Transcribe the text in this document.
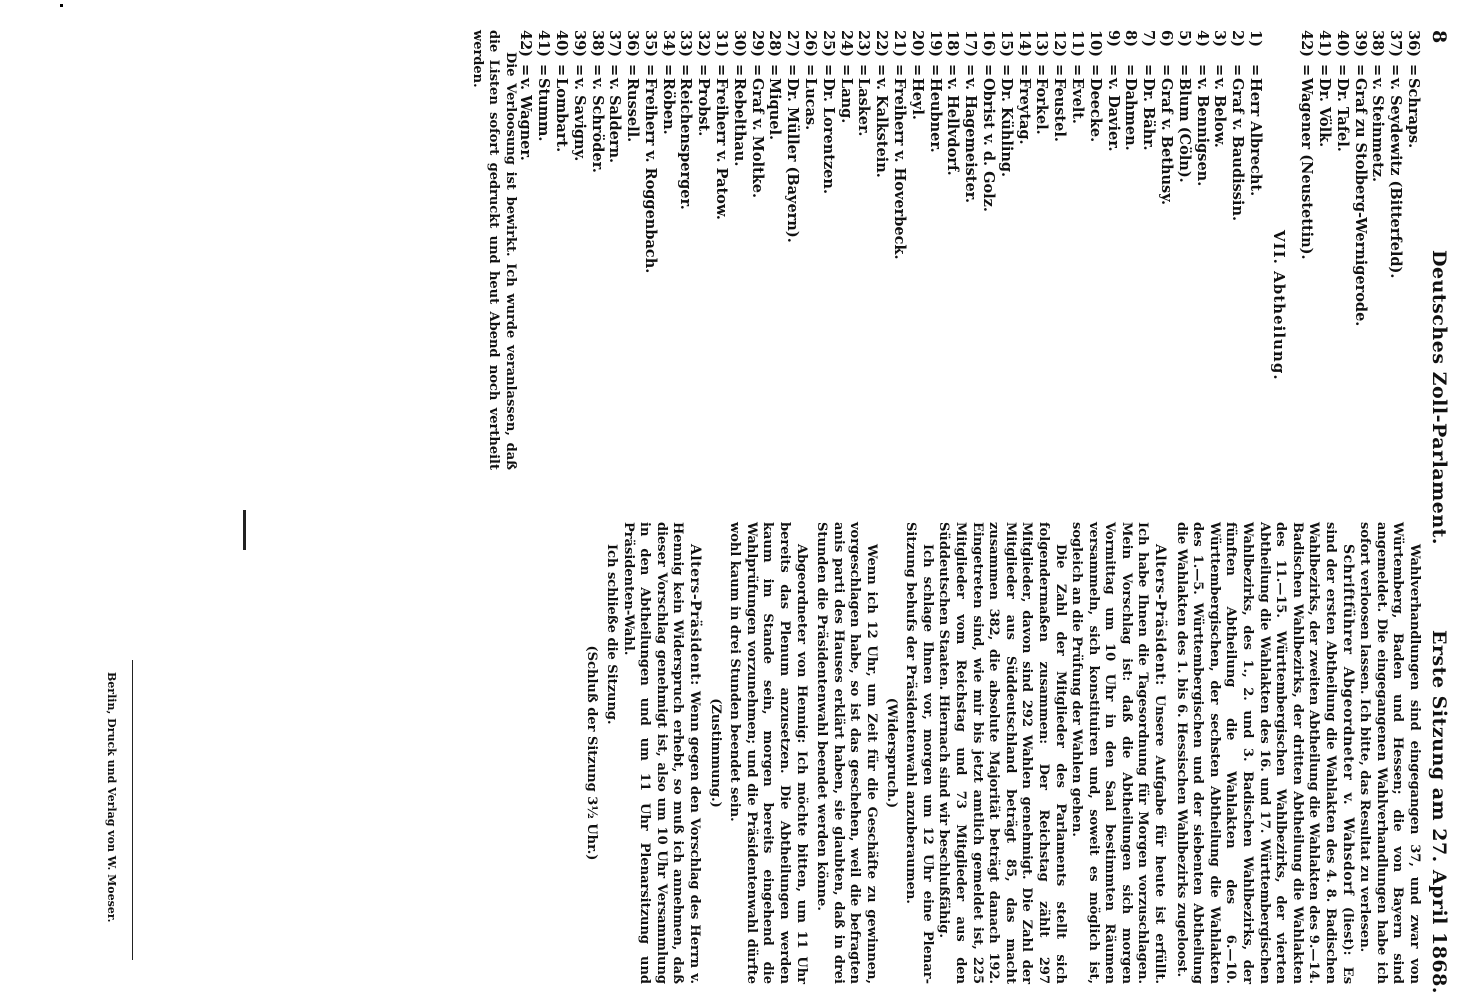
8
Deutsches Zoll-Parlament.
Erste Sitzung am 27. April 1868.
36)=Schraps.
37)=v. Seydewitz (Bitterfeld).
38)=v. Steinmetz.
39)=Graf zu Stolberg-Wernigerode.
40)=Dr. Tafel.
41)=Dr. Völk.
42)=Wagener (Neustettin).
VII. Abtheilung.
1)=Herr Albrecht.
2)=Graf v. Baudissin.
3)=v. Below.
4)=v. Bennigsen.
5)=Blum (Cöln).
6)=Graf v. Bethusy.
7)=Dr. Bähr.
8)=Dahmen.
9)=v. Davier.
10)=Deecke.
11)=Evelt.
12)=Feustel.
13)=Forkel.
14)=Freytag.
15)=Dr. Kühling.
16)=Obrist v. d. Golz.
17)=v. Hagemeister.
18)=v. Hellvdorf.
19)=Heubner.
20)=Heyl.
21)=Freiherr v. Hoverbeck.
22)=v. Kalkstein.
23)=Lasker.
24)=Lang.
25)=Dr. Lorentzen.
26)=Lucas.
27)=Dr. Müller (Bayern).
28)=Miquel.
29)=Graf v. Moltke.
30)=Rebelthau.
31)=Freiherr v. Patow.
32)=Probst.
33)=Reichensperger.
34)=Röben.
35)=Freiherr v. Roggenbach.
36)=Russell.
37)=v. Saldern.
38)=v. Schröder.
39)=v. Savigny.
40)=Lombart.
41)=Stumm.
42)=v. Wagner.

Die Verloosung ist bewirkt. Ich wurde veranlassen, daß die Listen sofort gedruckt und heut Abend noch vertheilt werden.

Wahlverhandlungen sind eingegangen 37, und zwar von Würtemberg, Baden und Hessen; die von Bayern sind angemeldet. Die eingegangenen Wahlverhandlungen habe ich sofort verloosen lassen. Ich bitte, das Resultat zu verlesen.

Schriftführer Abgeordneter v. Wahsdorf (liest): Es sind der ersten Abtheilung die Wahlakten des 4. 8. Badischen Wahlbezirks, der zweiten Abtheilung die Wahlakten des 9.—14. Badischen Wahlbezirks, der dritten Abtheilung die Wahlakten des 11.—15. Württembergischen Wahlbezirks, der vierten Abtheilung die Wahlakten des 16. und 17. Württembergischen Wahlbezirks, des 1., 2. und 3. Badischen Wahlbezirks, der fünften Abtheilung die Wahlakten des 6.—10. Württembergischen, der sechsten Abtheilung die Wahlakten des 1.—5. Württembergischen und der siebenten Abtheilung die Wahlakten des 1. bis 6. Hessischen Wahlbezirks zugeloost.

Alters-Präsident: Unsere Aufgabe für heute ist erfüllt. Ich habe Ihnen die Tagesordnung für Morgen vorzuschlagen. Mein Vorschlag ist: daß die Abtheilungen sich morgen Vormittag um 10 Uhr in den Saal bestimmten Räumen versammeln, sich konstituiren und, soweit es möglich ist, sogleich an die Prüfung der Wahlen gehen.

Die Zahl der Mitglieder des Parlaments stellt sich folgendermaßen zusammen: Der Reichstag zählt 297 Mitglieder, davon sind 292 Wahlen genehmigt. Die Zahl der Mitglieder aus Süddeutschland beträgt 85, das macht zusammen 382, die absolute Majorität beträgt danach 192. Eingetreten sind, wie mir bis jetzt amtlich gemeldet ist, 225 Mitglieder vom Reichstag und 73 Mitglieder aus den Süddeutschen Staaten. Hiernach sind wir beschlußfähig.

Ich schlage Ihnen vor, morgen um 12 Uhr eine Plenar-Sitzung behufs der Präsidentenwahl anzuberaumen.

(Widerspruch.)

Wenn ich 12 Uhr, um Zeit für die Geschäfte zu gewinnen, vorgeschlagen habe, so ist das geschehen, weil die befragten anis parti des Hauses erklärt haben, sie glaubten, daß in drei Stunden die Präsidentenwahl beendet werden könne.

Abgeordneter von Hennig: Ich möchte bitten, um 11 Uhr bereits das Plenum anzusetzen. Die Abtheilungen werden kaum im Stande sein, morgen bereits eingehend die Wahlprüfungen vorzunehmen; und die Präsidentenwahl dürfte wohl kaum in drei Stunden beendet sein.

(Zustimmung.)

Alters-Präsident: Wenn gegen den Vorschlag des Herrn v. Hennig kein Widerspruch erhebt, so muß ich annehmen, daß dieser Vorschlag genehmigt ist, also um 10 Uhr Versammlung in den Abtheilungen und um 11 Uhr Plenarsitzung und Präsidenten-Wahl.

Ich schließe die Sitzung.

(Schluß der Sitzung 3½ Uhr.)

Berlin, Druck und Verlag von W. Moeser.
